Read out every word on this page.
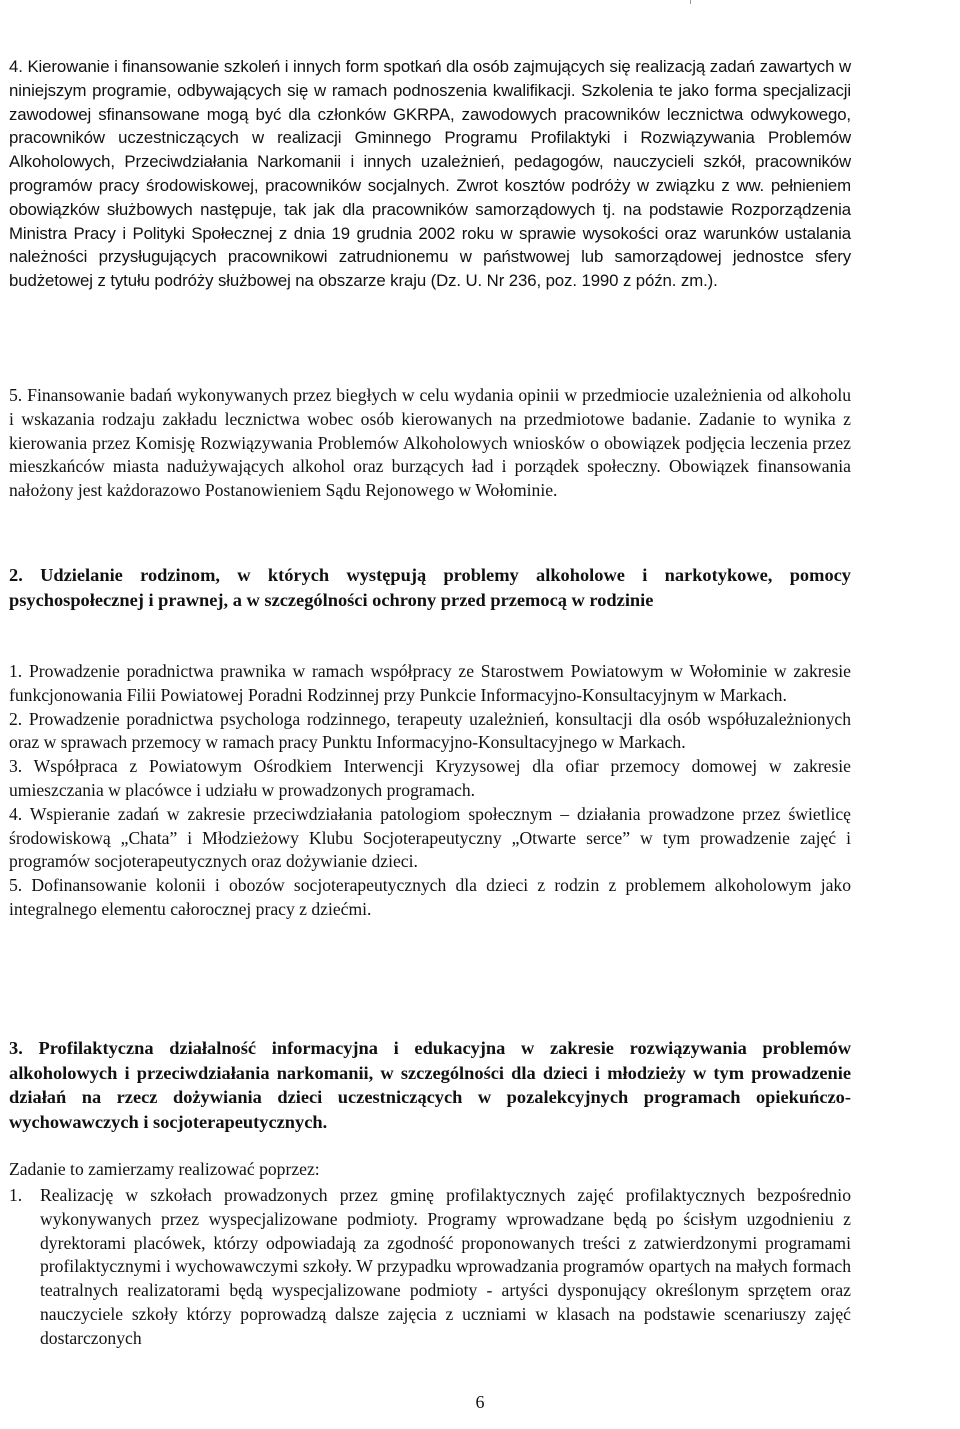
4. Kierowanie i finansowanie szkoleń i innych form spotkań dla osób zajmujących się realizacją zadań zawartych w niniejszym programie, odbywających się w ramach podnoszenia kwalifikacji. Szkolenia te jako forma specjalizacji zawodowej sfinansowane mogą być dla członków GKRPA, zawodowych pracowników lecznictwa odwykowego, pracowników uczestniczących w realizacji Gminnego Programu Profilaktyki i Rozwiązywania Problemów Alkoholowych, Przeciwdziałania Narkomanii i innych uzależnień, pedagogów, nauczycieli szkół, pracowników programów pracy środowiskowej, pracowników socjalnych. Zwrot kosztów podróży w związku z ww. pełnieniem obowiązków służbowych następuje, tak jak dla pracowników samorządowych tj. na podstawie Rozporządzenia Ministra Pracy i Polityki Społecznej z dnia 19 grudnia 2002 roku w sprawie wysokości oraz warunków ustalania należności przysługujących pracownikowi zatrudnionemu w państwowej lub samorządowej jednostce sfery budżetowej z tytułu podróży służbowej na obszarze kraju (Dz. U. Nr 236, poz. 1990 z późn. zm.).

5. Finansowanie badań wykonywanych przez biegłych w celu wydania opinii w przedmiocie uzależnienia od alkoholu i wskazania rodzaju zakładu lecznictwa wobec osób kierowanych na przedmiotowe badanie. Zadanie to wynika z kierowania przez Komisję Rozwiązywania Problemów Alkoholowych wniosków o obowiązek podjęcia leczenia przez mieszkańców miasta nadużywających alkohol oraz burzących ład i porządek społeczny. Obowiązek finansowania nałożony jest każdorazowo Postanowieniem Sądu Rejonowego w Wołominie.

2. Udzielanie rodzinom, w których występują problemy alkoholowe i narkotykowe, pomocy psychospołecznej i prawnej, a w szczególności ochrony przed przemocą w rodzinie

1. Prowadzenie poradnictwa prawnika w ramach współpracy ze Starostwem Powiatowym w Wołominie w zakresie funkcjonowania Filii Powiatowej Poradni Rodzinnej przy Punkcie Informacyjno-Konsultacyjnym w Markach.
2. Prowadzenie poradnictwa psychologa rodzinnego, terapeuty uzależnień, konsultacji dla osób współuzależnionych oraz w sprawach przemocy w ramach pracy Punktu Informacyjno-Konsultacyjnego w Markach.
3. Współpraca z Powiatowym Ośrodkiem Interwencji Kryzysowej dla ofiar przemocy domowej w zakresie umieszczania w placówce i udziału w prowadzonych programach.
4. Wspieranie zadań w zakresie przeciwdziałania patologiom społecznym – działania prowadzone przez świetlicę środowiskową „Chata” i Młodzieżowy Klubu Socjoterapeutyczny „Otwarte serce” w tym prowadzenie zajęć i programów socjoterapeutycznych oraz dożywianie dzieci.
5. Dofinansowanie kolonii i obozów socjoterapeutycznych dla dzieci z rodzin z problemem alkoholowym jako integralnego elementu całorocznej pracy z dziećmi.

3. Profilaktyczna działalność informacyjna i edukacyjna w zakresie rozwiązywania problemów alkoholowych i przeciwdziałania narkomanii, w szczególności dla dzieci i młodzieży w tym prowadzenie działań na rzecz dożywiania dzieci uczestniczących w pozalekcyjnych programach opiekuńczo-wychowawczych i socjoterapeutycznych.

Zadanie to zamierzamy realizować poprzez:

1. Realizację w szkołach prowadzonych przez gminę profilaktycznych zajęć profilaktycznych bezpośrednio wykonywanych przez wyspecjalizowane podmioty. Programy wprowadzane będą po ścisłym uzgodnieniu z dyrektorami placówek, którzy odpowiadają za zgodność proponowanych treści z zatwierdzonymi programami profilaktycznymi i wychowawczymi szkoły. W przypadku wprowadzania programów opartych na małych formach teatralnych realizatorami będą wyspecjalizowane podmioty - artyści dysponujący określonym sprzętem oraz nauczyciele szkoły którzy poprowadzą dalsze zajęcia z uczniami w klasach na podstawie scenariuszy zajęć dostarczonych
6
